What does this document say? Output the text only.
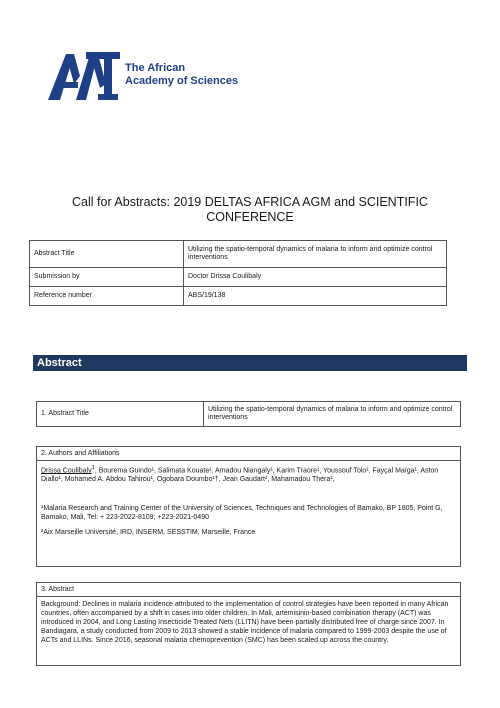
The African
Academy of Sciences
Call for Abstracts: 2019 DELTAS AFRICA AGM and SCIENTIFIC CONFERENCE
Abstract Title	Utilizing the spatio-temporal dynamics of malaria to inform and optimize control interventions
Submission by	Doctor Drissa Coulibaly
Reference number	ABS/19/138
Abstract
1. Abstract Title	Utilizing the spatio-temporal dynamics of malaria to inform and optimize control interventions
2. Authors and Affiliations
Drissa Coulibaly$^1$, Bourema Guindo¹, Salimata Kouate¹, Amadou Niangaly¹, Karim Traore¹, Youssouf Tolo¹, Fayçal Maïga¹, Aston Diallo¹, Mohamed A. Abdou Tahirou¹, Ogobara Doumbo¹†, Jean Gaudart², Mahamadou Thera¹,
¹Malaria Research and Training Center of the University of Sciences, Techniques and Technologies of Bamako, BP 1805, Point G, Bamako, Mali, Tel: + 223-2022-8109; +223-2021-0490
²Aix Marseille Université, IRD, INSERM, SESSTIM, Marseille, France
3. Abstract
Background: Declines in malaria incidence attributed to the implementation of control strategies have been reported in many African countries, often accompanied by a shift in cases into older children. In Mali, artemisinin-based combination therapy (ACT) was introduced in 2004, and Long Lasting Insecticide Treated Nets (LLITN) have been partially distributed free of charge since 2007. In Bandiagara, a study conducted from 2009 to 2013 showed a stable incidence of malaria compared to 1999-2003 despite the use of ACTs and LLINs. Since 2016, seasonal malaria chemoprevention (SMC) has been scaled up across the country.
